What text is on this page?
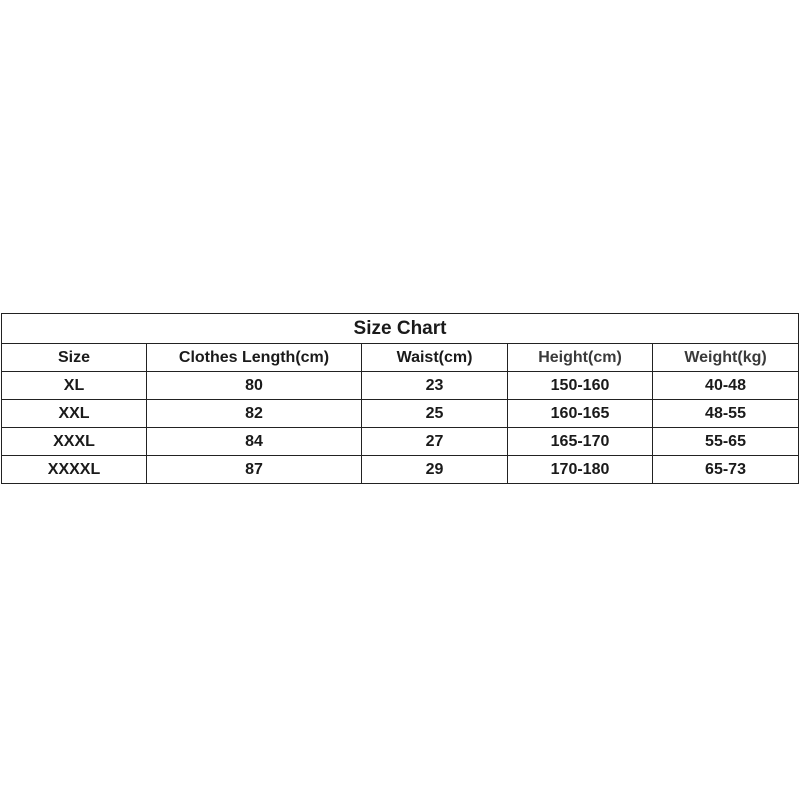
Size Chart				
Size	Clothes Length(cm)	Waist(cm)	Height(cm)	Weight(kg)
XL	80	23	150-160	40-48
XXL	82	25	160-165	48-55
XXXL	84	27	165-170	55-65
XXXXL	87	29	170-180	65-73
